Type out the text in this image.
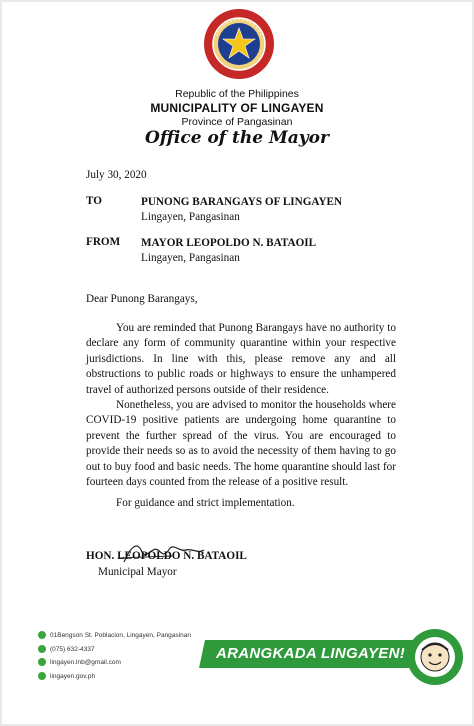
Republic of the Philippines
MUNICIPALITY OF LINGAYEN
Province of Pangasinan
Office of the Mayor
July 30, 2020
TO	PUNONG BARANGAYS OF LINGAYEN
Lingayen, Pangasinan
FROM MAYOR LEOPOLDO N. BATAOIL
Lingayen, Pangasinan
Dear Punong Barangays,
You are reminded that Punong Barangays have no authority to declare any form of community quarantine within your respective jurisdictions. In line with this, please remove any and all obstructions to public roads or highways to ensure the unhampered travel of authorized persons outside of their residence.
Nonetheless, you are advised to monitor the households where COVID-19 positive patients are undergoing home quarantine to prevent the further spread of the virus. You are encouraged to provide their needs so as to avoid the necessity of them having to go out to buy food and basic needs. The home quarantine should last for fourteen days counted from the release of a positive result.
For guidance and strict implementation.
HON. LEOPOLDO N. BATAOIL
Municipal Mayor
01Bengson St. Poblacion, Lingayen, Pangasinan
(075) 632-4337
lingayen.lnb@gmail.com
lingayen.gov.ph
ARANGKADA LINGAYEN!
